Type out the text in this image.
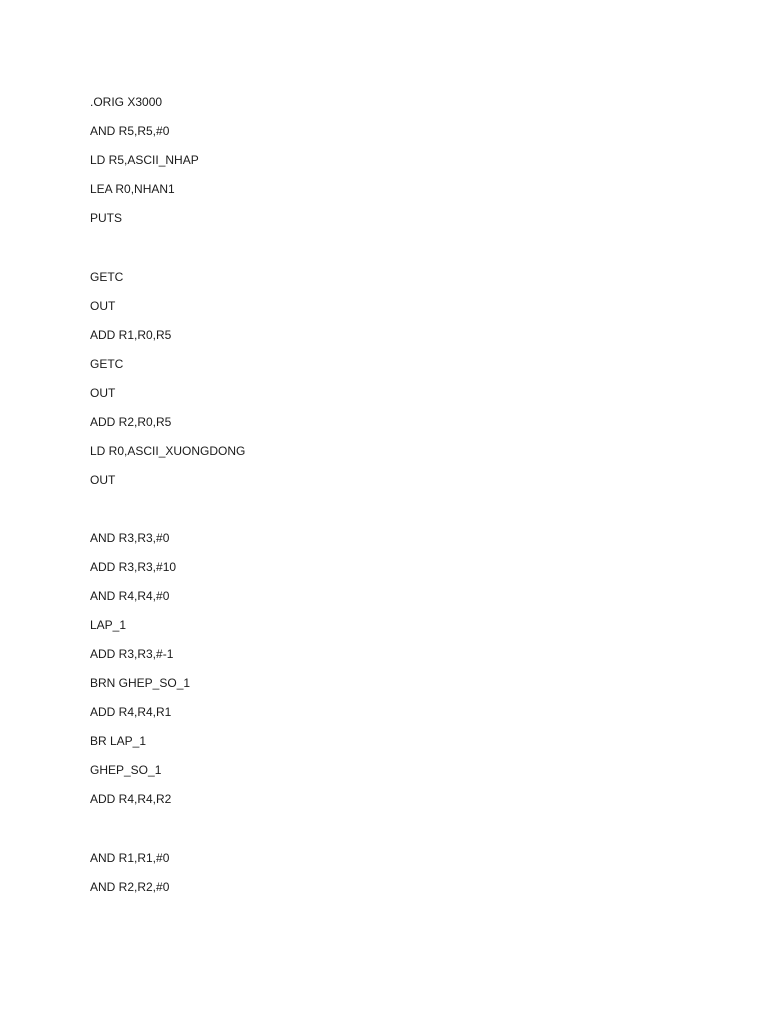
.ORIG X3000
AND R5,R5,#0
LD R5,ASCII_NHAP
LEA R0,NHAN1
PUTS
GETC
OUT
ADD R1,R0,R5
GETC
OUT
ADD R2,R0,R5
LD R0,ASCII_XUONGDONG
OUT
AND R3,R3,#0
ADD R3,R3,#10
AND R4,R4,#0
LAP_1
ADD R3,R3,#-1
BRN GHEP_SO_1
ADD R4,R4,R1
BR LAP_1
GHEP_SO_1
ADD R4,R4,R2
AND R1,R1,#0
AND R2,R2,#0
